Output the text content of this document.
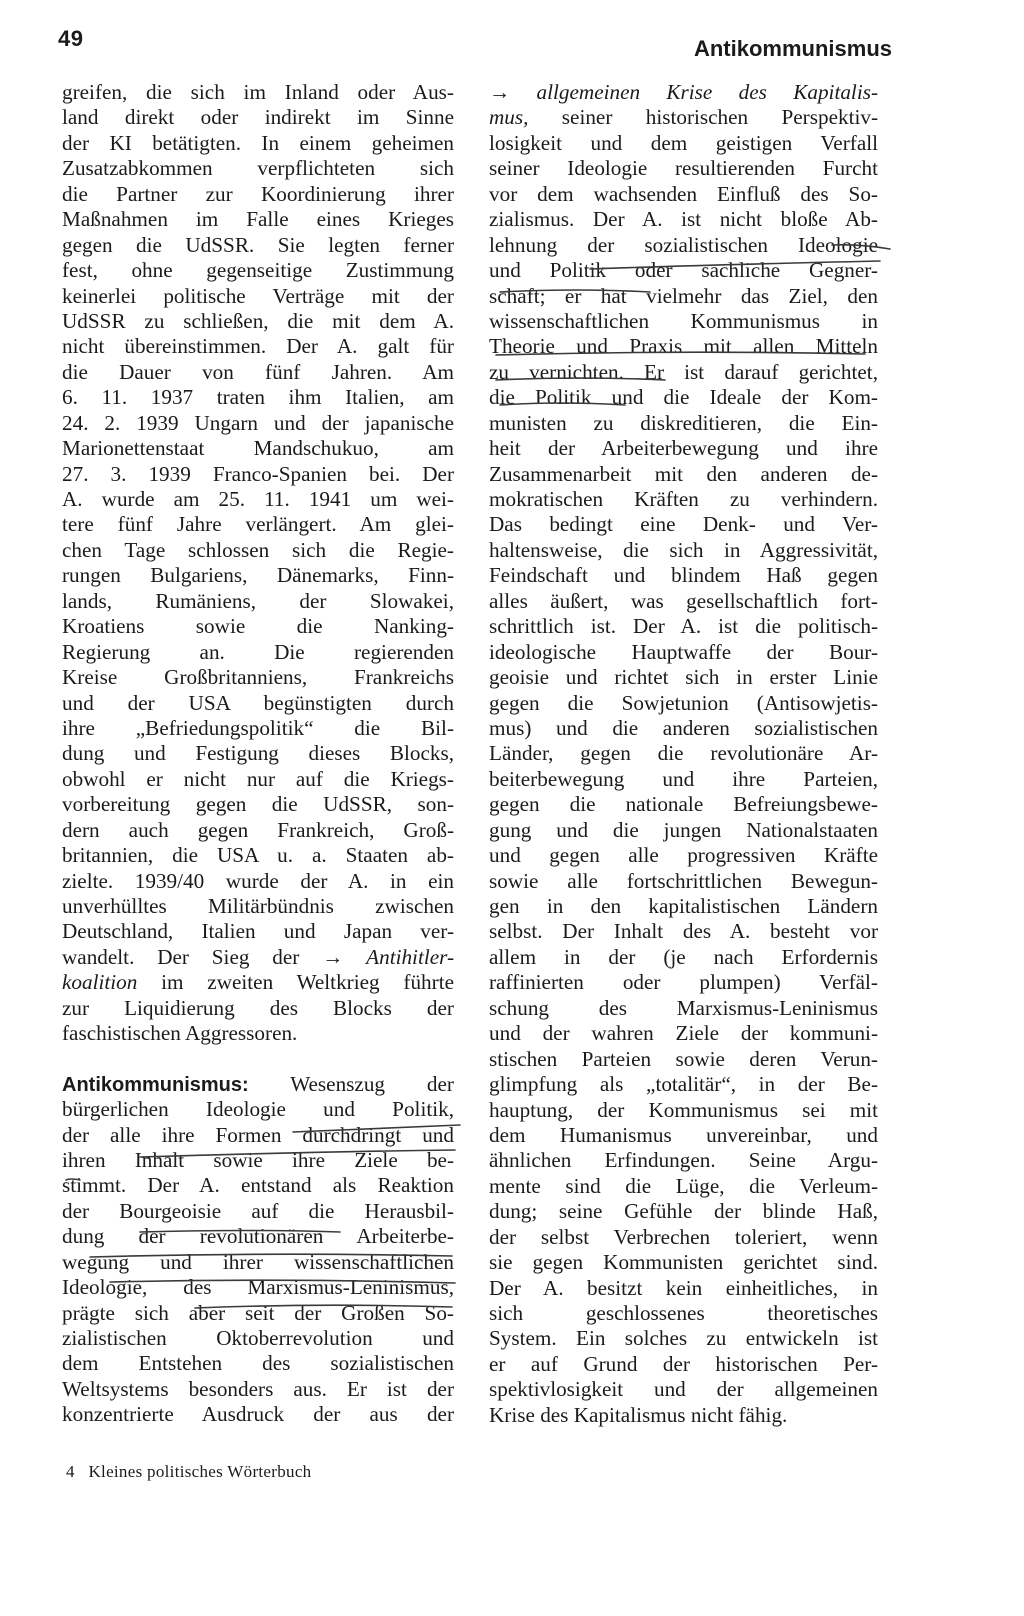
49	Antikommunismus
greifen, die sich im Inland oder Aus-
land direkt oder indirekt im Sinne
der KI betätigten. In einem geheimen
Zusatzabkommen verpflichteten sich
die Partner zur Koordinierung ihrer
Maßnahmen im Falle eines Krieges
gegen die UdSSR. Sie legten ferner
fest, ohne gegenseitige Zustimmung
keinerlei politische Verträge mit der
UdSSR zu schließen, die mit dem A.
nicht übereinstimmen. Der A. galt für
die Dauer von fünf Jahren. Am
6. 11. 1937 traten ihm Italien, am
24. 2. 1939 Ungarn und der japanische
Marionettenstaat Mandschukuo, am
27. 3. 1939 Franco-Spanien bei. Der
A. wurde am 25. 11. 1941 um wei-
tere fünf Jahre verlängert. Am glei-
chen Tage schlossen sich die Regie-
rungen Bulgariens, Dänemarks, Finn-
lands, Rumäniens, der Slowakei,
Kroatiens sowie die Nanking-
Regierung an. Die regierenden
Kreise Großbritanniens, Frankreichs
und der USA begünstigten durch
ihre „Befriedungspolitik“ die Bil-
dung und Festigung dieses Blocks,
obwohl er nicht nur auf die Kriegs-
vorbereitung gegen die UdSSR, son-
dern auch gegen Frankreich, Groß-
britannien, die USA u. a. Staaten ab-
zielte. 1939/40 wurde der A. in ein
unverhülltes Militärbündnis zwischen
Deutschland, Italien und Japan ver-
wandelt. Der Sieg der → Antihitler-
koalition im zweiten Weltkrieg führte
zur Liquidierung des Blocks der
faschistischen Aggressoren.
Antikommunismus: Wesenszug der
bürgerlichen Ideologie und Politik,
der alle ihre Formen durchdringt und
ihren Inhalt sowie ihre Ziele be-
stimmt. Der A. entstand als Reaktion
der Bourgeoisie auf die Herausbil-
dung der revolutionären Arbeiterbe-
wegung und ihrer wissenschaftlichen
Ideologie, des Marxismus-Leninismus,
prägte sich aber seit der Großen So-
zialistischen Oktoberrevolution und
dem Entstehen des sozialistischen
Weltsystems besonders aus. Er ist der
konzentrierte Ausdruck der aus der
→ allgemeinen Krise des Kapitalis-
mus, seiner historischen Perspektiv-
losigkeit und dem geistigen Verfall
seiner Ideologie resultierenden Furcht
vor dem wachsenden Einfluß des So-
zialismus. Der A. ist nicht bloße Ab-
lehnung der sozialistischen Ideologie
und Politik oder sachliche Gegner-
schaft; er hat vielmehr das Ziel, den
wissenschaftlichen Kommunismus in
Theorie und Praxis mit allen Mitteln
zu vernichten. Er ist darauf gerichtet,
die Politik und die Ideale der Kom-
munisten zu diskreditieren, die Ein-
heit der Arbeiterbewegung und ihre
Zusammenarbeit mit den anderen de-
mokratischen Kräften zu verhindern.
Das bedingt eine Denk- und Ver-
haltensweise, die sich in Aggressivität,
Feindschaft und blindem Haß gegen
alles äußert, was gesellschaftlich fort-
schrittlich ist. Der A. ist die politisch-
ideologische Hauptwaffe der Bour-
geoisie und richtet sich in erster Linie
gegen die Sowjetunion (Antisowjetis-
mus) und die anderen sozialistischen
Länder, gegen die revolutionäre Ar-
beiterbewegung und ihre Parteien,
gegen die nationale Befreiungsbewe-
gung und die jungen Nationalstaaten
und gegen alle progressiven Kräfte
sowie alle fortschrittlichen Bewegun-
gen in den kapitalistischen Ländern
selbst. Der Inhalt des A. besteht vor
allem in der (je nach Erfordernis
raffinierten oder plumpen) Verfäl-
schung des Marxismus-Leninismus
und der wahren Ziele der kommuni-
stischen Parteien sowie deren Verun-
glimpfung als „totalitär“, in der Be-
hauptung, der Kommunismus sei mit
dem Humanismus unvereinbar, und
ähnlichen Erfindungen. Seine Argu-
mente sind die Lüge, die Verleum-
dung; seine Gefühle der blinde Haß,
der selbst Verbrechen toleriert, wenn
sie gegen Kommunisten gerichtet sind.
Der A. besitzt kein einheitliches, in
sich geschlossenes theoretisches
System. Ein solches zu entwickeln ist
er auf Grund der historischen Per-
spektivlosigkeit und der allgemeinen
Krise des Kapitalismus nicht fähig.
4 Kleines politisches Wörterbuch
